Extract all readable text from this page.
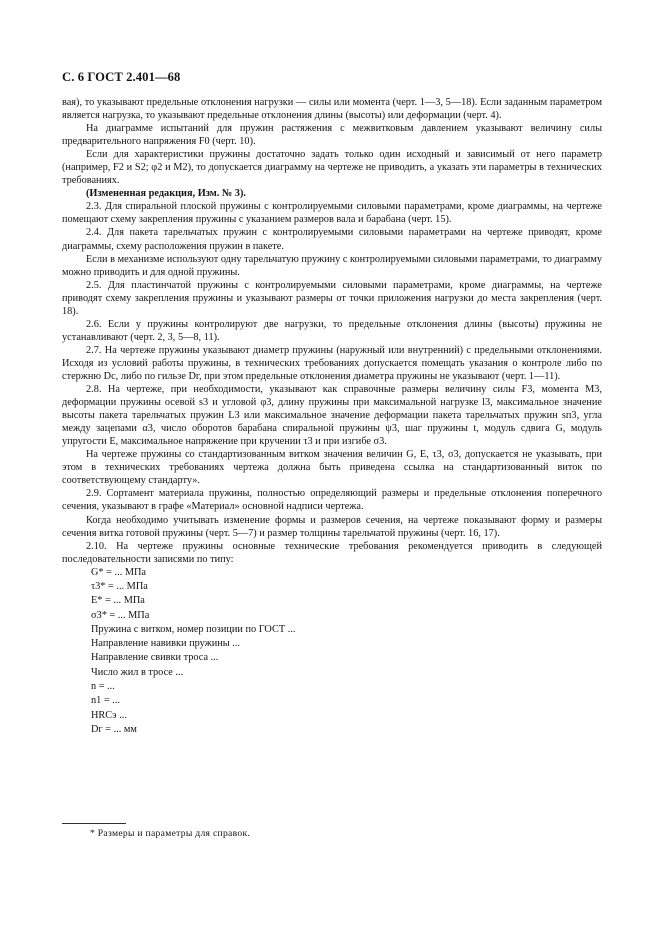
С. 6 ГОСТ 2.401—68

вая), то указывают предельные отклонения нагрузки — силы или момента (черт. 1—3, 5—18). Если заданным параметром является нагрузка, то указывают предельные отклонения длины (высоты) или деформации (черт. 4).

На диаграмме испытаний для пружин растяжения с межвитковым давлением указывают величину силы предварительного напряжения F0 (черт. 10).

Если для характеристики пружины достаточно задать только один исходный и зависимый от него параметр (например, F2 и S2; φ2 и M2), то допускается диаграмму на чертеже не приводить, а указать эти параметры в технических требованиях.

(Измененная редакция, Изм. № 3).

2.3. Для спиральной плоской пружины с контролируемыми силовыми параметрами, кроме диаграммы, на чертеже помещают схему закрепления пружины с указанием размеров вала и барабана (черт. 15).

2.4. Для пакета тарельчатых пружин с контролируемыми силовыми параметрами на чертеже приводят, кроме диаграммы, схему расположения пружин в пакете.

Если в механизме используют одну тарельчатую пружину с контролируемыми силовыми параметрами, то диаграмму можно приводить и для одной пружины.

2.5. Для пластинчатой пружины с контролируемыми силовыми параметрами, кроме диаграммы, на чертеже приводят схему закрепления пружины и указывают размеры от точки приложения нагрузки до места закрепления (черт. 18).

2.6. Если у пружины контролируют две нагрузки, то предельные отклонения длины (высоты) пружины не устанавливают (черт. 2, 3, 5—8, 11).

2.7. На чертеже пружины указывают диаметр пружины (наружный или внутренний) с предельными отклонениями. Исходя из условий работы пружины, в технических требованиях допускается помещать указания о контроле либо по стержню Dс, либо по гильзе Dг, при этом предельные отклонения диаметра пружины не указывают (черт. 1—11).

2.8. На чертеже, при необходимости, указывают как справочные размеры величину силы F3, момента M3, деформации пружины осевой s3 и угловой φ3, длину пружины при максимальной нагрузке l3, максимальное значение высоты пакета тарельчатых пружин L3 или максимальное значение деформации пакета тарельчатых пружин sп3, угла между зацепами α3, число оборотов барабана спиральной пружины ψ3, шаг пружины t, модуль сдвига G, модуль упругости E, максимальное напряжение при кручении τ3 и при изгибе σ3.

На чертеже пружины со стандартизованным витком значения величин G, E, τ3, σ3, допускается не указывать, при этом в технических требованиях чертежа должна быть приведена ссылка на стандартизованный виток по соответствующему стандарту».

2.9. Сортамент материала пружины, полностью определяющий размеры и предельные отклонения поперечного сечения, указывают в графе «Материал» основной надписи чертежа.

Когда необходимо учитывать изменение формы и размеров сечения, на чертеже показывают форму и размеры сечения витка готовой пружины (черт. 5—7) и размер толщины тарельчатой пружины (черт. 16, 17).

2.10. На чертеже пружины основные технические требования рекомендуется приводить в следующей последовательности записями по типу:

G* = ... МПа
τ3* = ... МПа
E* = ... МПа
σ3* = ... МПа
Пружина с витком, номер позиции по ГОСТ ...
Направление навивки пружины ...
Направление свивки троса ...
Число жил в тросе ...
n = ...
n1 = ...
HRCэ ...
Dг = ... мм
* Размеры и параметры для справок.
